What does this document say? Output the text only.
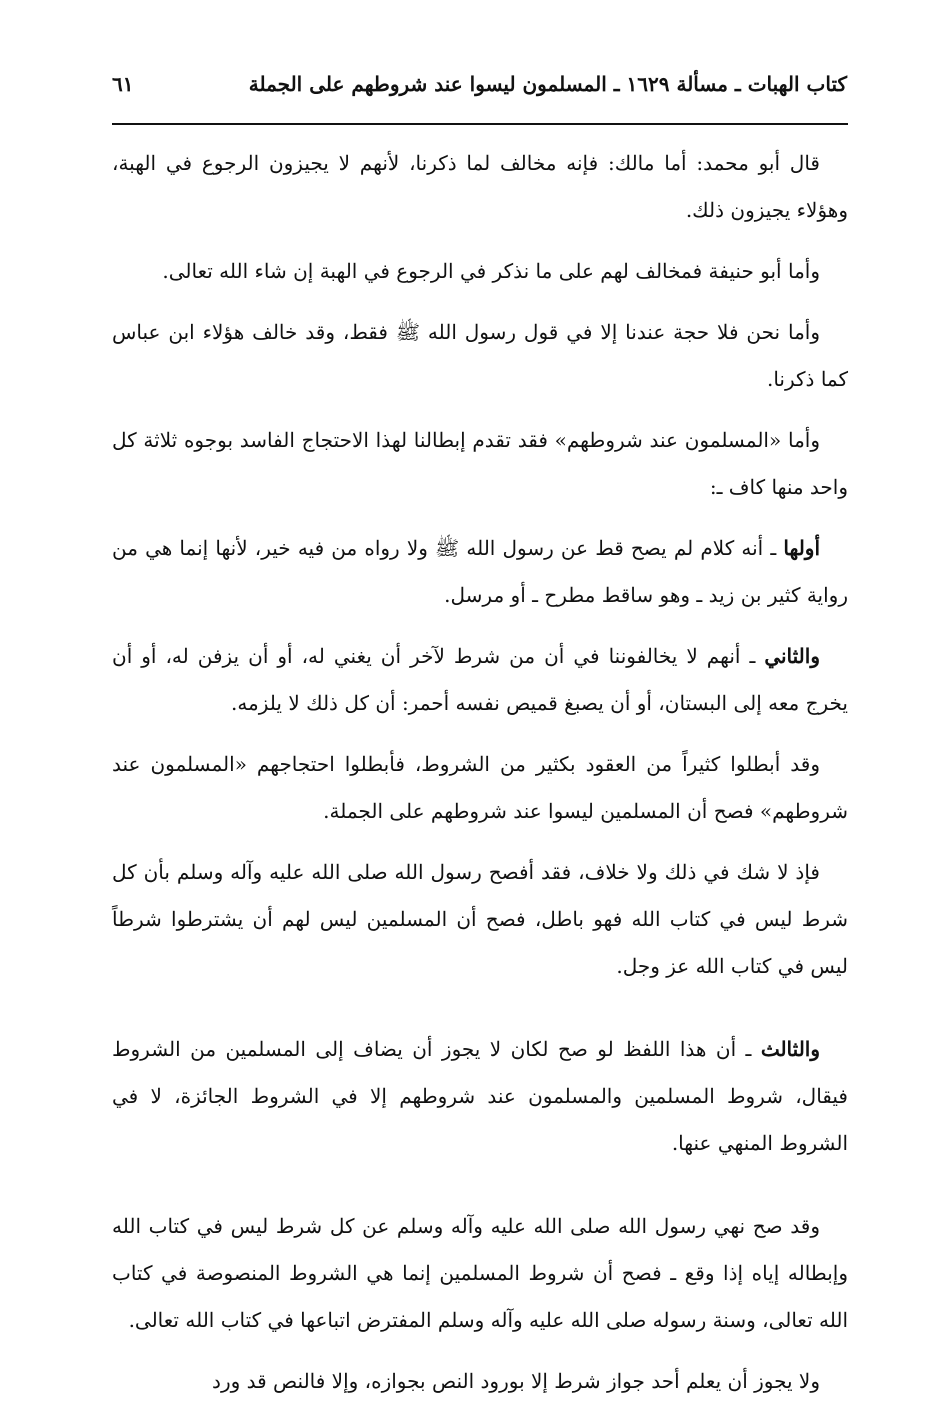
كتاب الهبات ـ مسألة ١٦٢٩ ـ المسلمون ليسوا عند شروطهم على الجملة
٦١

قال أبو محمد: أما مالك: فإنه مخالف لما ذكرنا، لأنهم لا يجيزون الرجوع في الهبة، وهؤلاء يجيزون ذلك.

وأما أبو حنيفة فمخالف لهم على ما نذكر في الرجوع في الهبة إن شاء الله تعالى.

وأما نحن فلا حجة عندنا إلا في قول رسول الله ﷺ فقط، وقد خالف هؤلاء ابن عباس كما ذكرنا.

وأما «المسلمون عند شروطهم» فقد تقدم إبطالنا لهذا الاحتجاج الفاسد بوجوه ثلاثة كل واحد منها كاف ـ:

أولها ـ أنه كلام لم يصح قط عن رسول الله ﷺ ولا رواه من فيه خير، لأنها إنما هي من رواية كثير بن زيد ـ وهو ساقط مطرح ـ أو مرسل.

والثاني ـ أنهم لا يخالفوننا في أن من شرط لآخر أن يغني له، أو أن يزفن له، أو أن يخرج معه إلى البستان، أو أن يصبغ قميص نفسه أحمر: أن كل ذلك لا يلزمه.

وقد أبطلوا كثيراً من العقود بكثير من الشروط، فأبطلوا احتجاجهم «المسلمون عند شروطهم» فصح أن المسلمين ليسوا عند شروطهم على الجملة.

فإذ لا شك في ذلك ولا خلاف، فقد أفصح رسول الله صلى الله عليه وآله وسلم بأن كل شرط ليس في كتاب الله فهو باطل، فصح أن المسلمين ليس لهم أن يشترطوا شرطاً ليس في كتاب الله عز وجل.

والثالث ـ أن هذا اللفظ لو صح لكان لا يجوز أن يضاف إلى المسلمين من الشروط فيقال، شروط المسلمين والمسلمون عند شروطهم إلا في الشروط الجائزة، لا في الشروط المنهي عنها.

وقد صح نهي رسول الله صلى الله عليه وآله وسلم عن كل شرط ليس في كتاب الله وإبطاله إياه إذا وقع ـ فصح أن شروط المسلمين إنما هي الشروط المنصوصة في كتاب الله تعالى، وسنة رسوله صلى الله عليه وآله وسلم المفترض اتباعها في كتاب الله تعالى.

ولا يجوز أن يعلم أحد جواز شرط إلا بورود النص بجوازه، وإلا فالنص قد ورد
